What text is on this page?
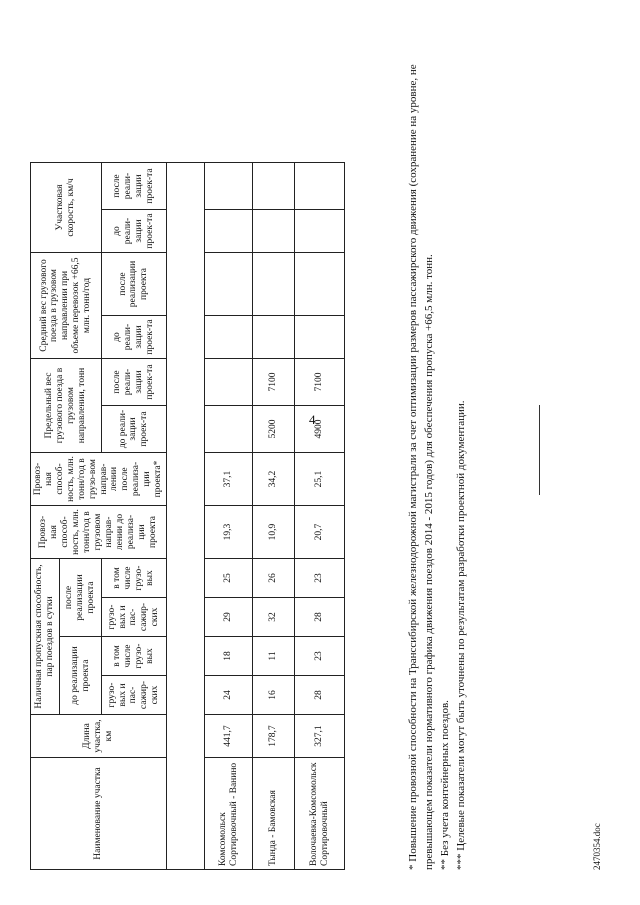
4
Наименование участка	Длина участка, км	Наличная пропускная способность, пар поездов в сутки				Провоз-ная способ-ность, млн. тонн/год в грузовом направ-лении до реализа-ции проекта	Провоз-ная способ-ность, млн. тонн/год в грузо-вом направ-лении после реализа-ции проекта*	Предельный вес грузового поезда в грузовом направлении, тонн		Средний вес грузового поезда в грузовом направлении при объеме перевозок +66,5 млн. тонн/год		Участковая скорость, км/ч	
		до реализации проекта		после реализации проекта									
		грузо-вых и пас-сажир-ских	в том числе грузо-вых	грузо-вых и пас-сажир-ских	в том числе грузо-вых			до реали-зации проек-та	после реали-зации проек-та	до реали-зации проек-та	после реализации проекта	до реали-зации проек-та	после реали-зации проек-та

Комсомольск Сортировочный - Ванино	441,7	24	18	29	25	19,3	37,1						
Тында - Бамовская	178,7	16	11	32	26	10,9	34,2	5200	7100				
Волочаевка-Комсомольск Сортировочный	327,1	28	23	28	23	20,7	25,1	4900	7100					* Повышение провозной способности на Транссибирской железнодорожной магистрали за счет оптимизации размеров пассажирского движения (сохранение на уровне, не превышающем показатели нормативного графика движения поездов 2014 - 2015 годов) для обеспечения пропуска +66,5 млн. тонн. ** Без учета контейнерных поездов. *** Целевые показатели могут быть уточнены по результатам разработки проектной документации.	2470354.doc
